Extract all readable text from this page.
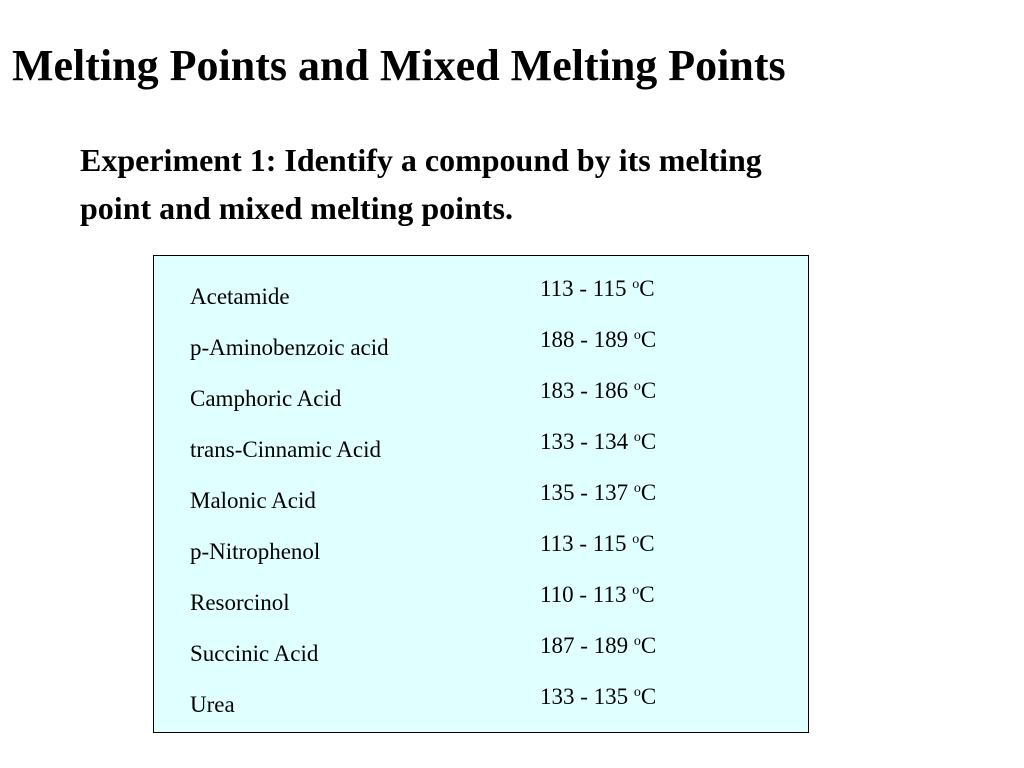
Melting Points and Mixed Melting Points

Experiment 1: Identify a compound by its melting
point and mixed melting points.

Acetamide	113 - 115 $^o$C
p-Aminobenzoic acid	188 - 189 $^o$C
Camphoric Acid	183 - 186 $^o$C
trans-Cinnamic Acid	133 - 134 $^o$C
Malonic Acid	135 - 137 $^o$C
p-Nitrophenol	113 - 115 $^o$C
Resorcinol	110 - 113 $^o$C
Succinic Acid	187 - 189 $^o$C
Urea	133 - 135 $^o$C
